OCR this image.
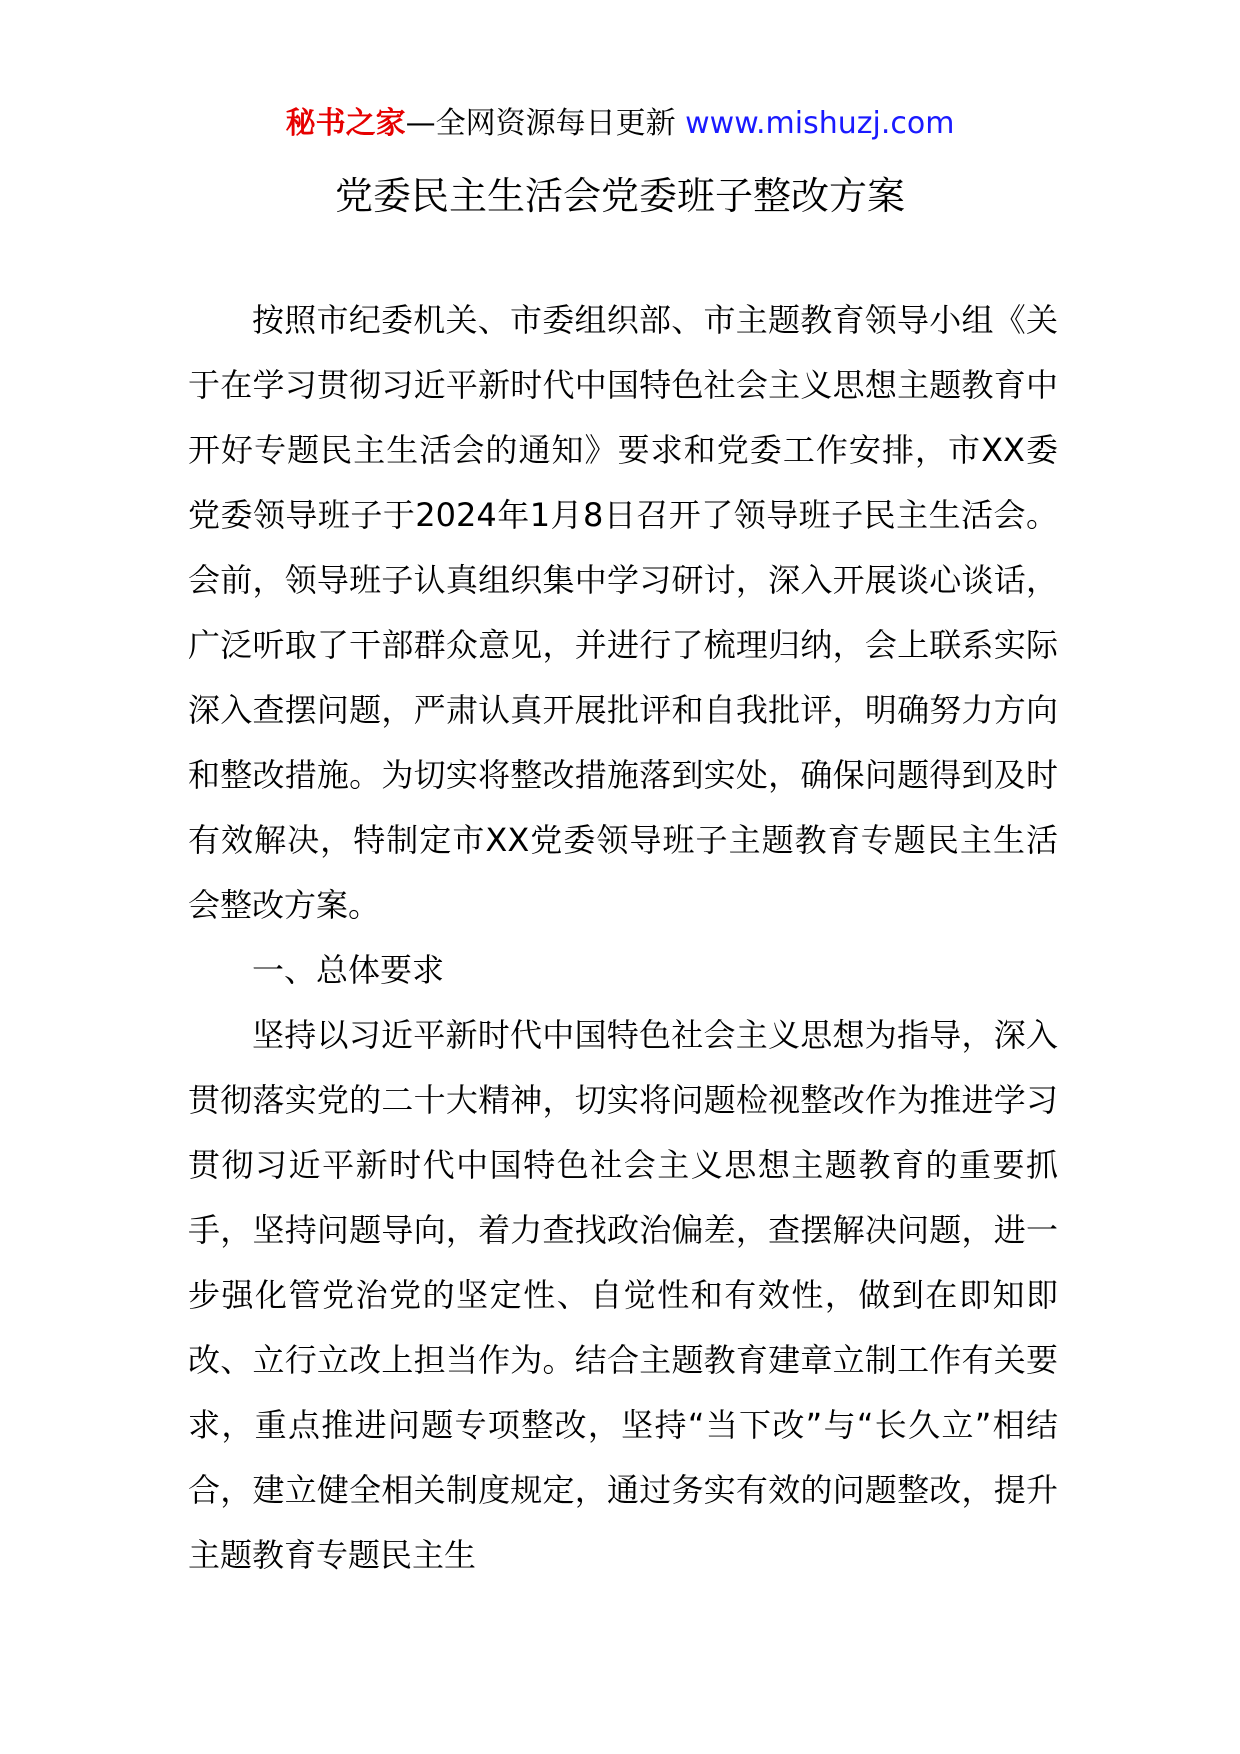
秘书之家—全网资源每日更新 www.mishuzj.com
党委民主生活会党委班子整改方案

按照市纪委机关、市委组织部、市主题教育领导小组《关于在学习贯彻习近平新时代中国特色社会主义思想主题教育中开好专题民主生活会的通知》要求和党委工作安排，市XX委党委领导班子于2024年1月8日召开了领导班子民主生活会。会前，领导班子认真组织集中学习研讨，深入开展谈心谈话，广泛听取了干部群众意见，并进行了梳理归纳，会上联系实际深入查摆问题，严肃认真开展批评和自我批评，明确努力方向和整改措施。为切实将整改措施落到实处，确保问题得到及时有效解决，特制定市XX党委领导班子主题教育专题民主生活会整改方案。

一、总体要求

坚持以习近平新时代中国特色社会主义思想为指导，深入贯彻落实党的二十大精神，切实将问题检视整改作为推进学习贯彻习近平新时代中国特色社会主义思想主题教育的重要抓手，坚持问题导向，着力查找政治偏差，查摆解决问题，进一步强化管党治党的坚定性、自觉性和有效性，做到在即知即改、立行立改上担当作为。结合主题教育建章立制工作有关要求，重点推进问题专项整改，坚持“当下改”与“长久立”相结合，建立健全相关制度规定，通过务实有效的问题整改，提升主题教育专题民主生
